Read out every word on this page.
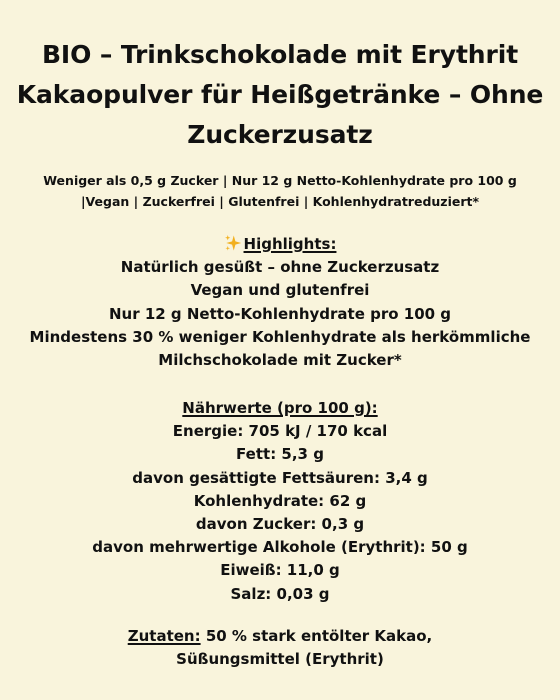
BIO – Trinkschokolade mit Erythrit
Kakaopulver für Heißgetränke – Ohne
Zuckerzusatz
Weniger als 0,5 g Zucker | Nur 12 g Netto-Kohlenhydrate pro 100 g
|Vegan | Zuckerfrei | Glutenfrei | Kohlenhydratreduziert*
Highlights:
Natürlich gesüßt – ohne Zuckerzusatz
Vegan und glutenfrei
Nur 12 g Netto-Kohlenhydrate pro 100 g
Mindestens 30 % weniger Kohlenhydrate als herkömmliche
Milchschokolade mit Zucker*
Nährwerte (pro 100 g):
Energie: 705 kJ / 170 kcal
Fett: 5,3 g
davon gesättigte Fettsäuren: 3,4 g
Kohlenhydrate: 62 g
davon Zucker: 0,3 g
davon mehrwertige Alkohole (Erythrit): 50 g
Eiweiß: 11,0 g
Salz: 0,03 g
Zutaten: 50 % stark entölter Kakao,
Süßungsmittel (Erythrit)
